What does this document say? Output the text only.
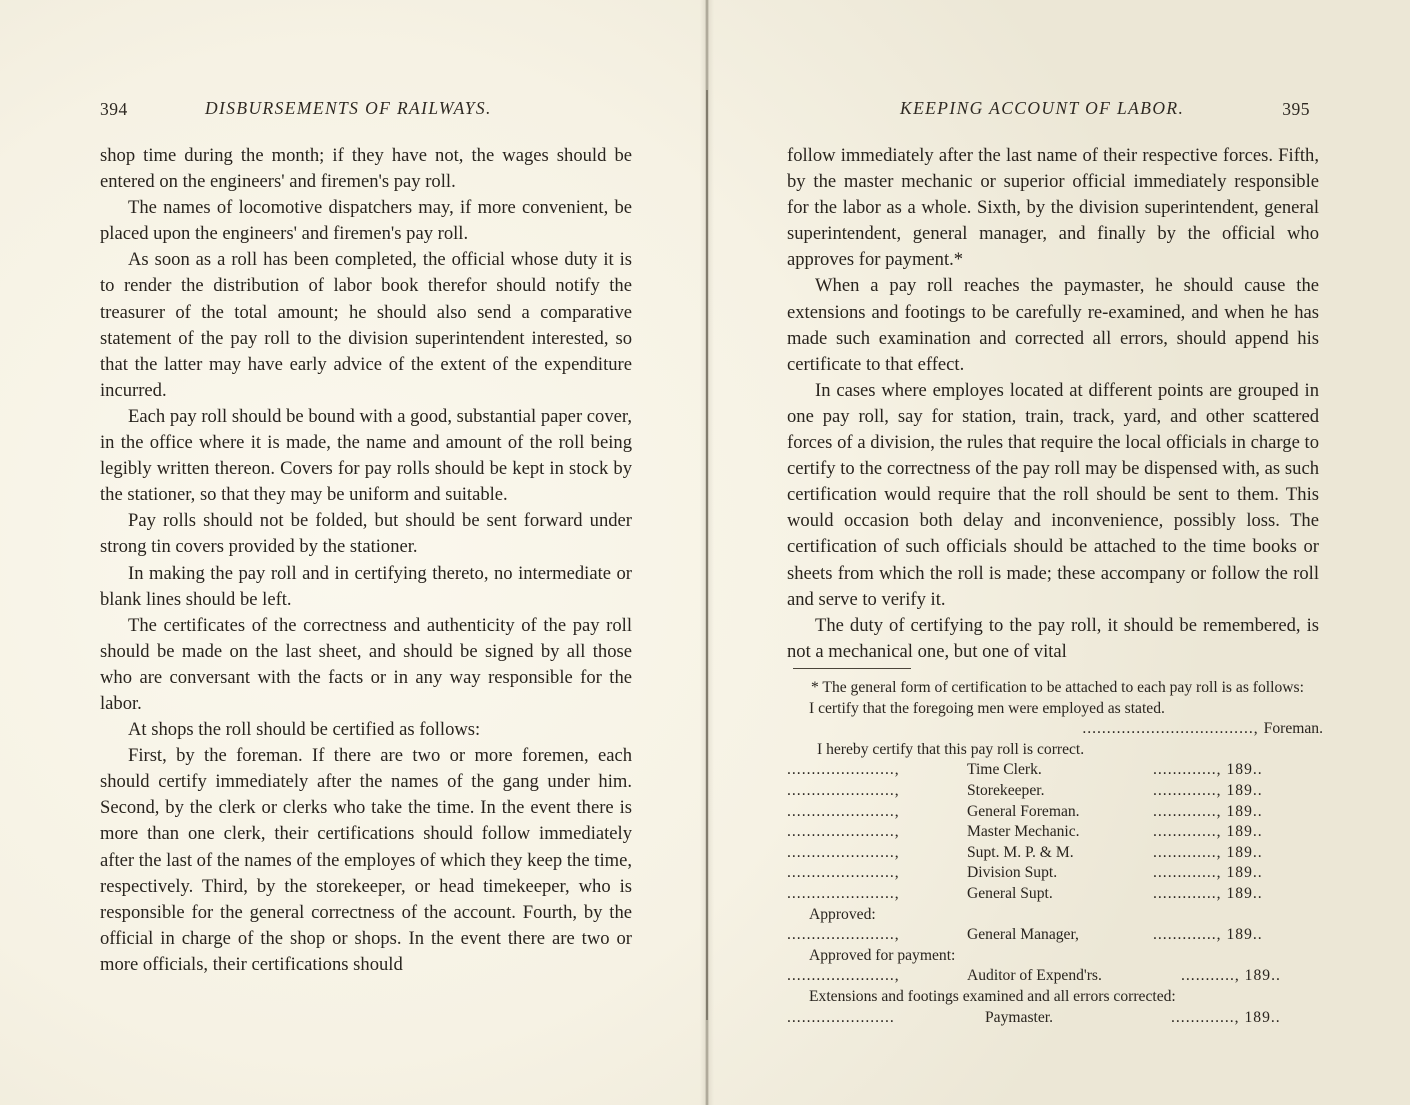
394	DISBURSEMENTS OF RAILWAYS.

shop time during the month; if they have not, the wages should be entered on the engineers' and firemen's pay roll.

The names of locomotive dispatchers may, if more convenient, be placed upon the engineers' and firemen's pay roll.

As soon as a roll has been completed, the official whose duty it is to render the distribution of labor book therefor should notify the treasurer of the total amount; he should also send a comparative statement of the pay roll to the division superintendent interested, so that the latter may have early advice of the extent of the expenditure incurred.

Each pay roll should be bound with a good, substantial paper cover, in the office where it is made, the name and amount of the roll being legibly written thereon. Covers for pay rolls should be kept in stock by the stationer, so that they may be uniform and suitable.

Pay rolls should not be folded, but should be sent forward under strong tin covers provided by the stationer.

In making the pay roll and in certifying thereto, no intermediate or blank lines should be left.

The certificates of the correctness and authenticity of the pay roll should be made on the last sheet, and should be signed by all those who are conversant with the facts or in any way responsible for the labor.

At shops the roll should be certified as follows:

First, by the foreman. If there are two or more foremen, each should certify immediately after the names of the gang under him. Second, by the clerk or clerks who take the time. In the event there is more than one clerk, their certifications should follow immediately after the last of the names of the employes of which they keep the time, respectively. Third, by the storekeeper, or head timekeeper, who is responsible for the general correctness of the account. Fourth, by the official in charge of the shop or shops. In the event there are two or more officials, their certifications should

KEEPING ACCOUNT OF LABOR.	395

follow immediately after the last name of their respective forces. Fifth, by the master mechanic or superior official immediately responsible for the labor as a whole. Sixth, by the division superintendent, general superintendent, general manager, and finally by the official who approves for payment.*

When a pay roll reaches the paymaster, he should cause the extensions and footings to be carefully re-examined, and when he has made such examination and corrected all errors, should append his certificate to that effect.

In cases where employes located at different points are grouped in one pay roll, say for station, train, track, yard, and other scattered forces of a division, the rules that require the local officials in charge to certify to the correctness of the pay roll may be dispensed with, as such certification would require that the roll should be sent to them. This would occasion both delay and inconvenience, possibly loss. The certification of such officials should be attached to the time books or sheets from which the roll is made; these accompany or follow the roll and serve to verify it.

The duty of certifying to the pay roll, it should be remembered, is not a mechanical one, but one of vital

* The general form of certification to be attached to each pay roll is as follows:

I certify that the foregoing men were employed as stated.
..................................., Foreman.
I hereby certify that this pay roll is correct.
......................,	Time Clerk.	............., 189..
......................,	Storekeeper.	............., 189..
......................,	General Foreman.	............., 189..
......................,	Master Mechanic.	............., 189..
......................,	Supt. M. P. & M.	............., 189..
......................,	Division Supt.	............., 189..
......................,	General Supt.	............., 189..
Approved:
......................,	General Manager,	............., 189..
Approved for payment:
......................,	Auditor of Expend'rs.	..........., 189..
Extensions and footings examined and all errors corrected:
......................	Paymaster.	............., 189..
